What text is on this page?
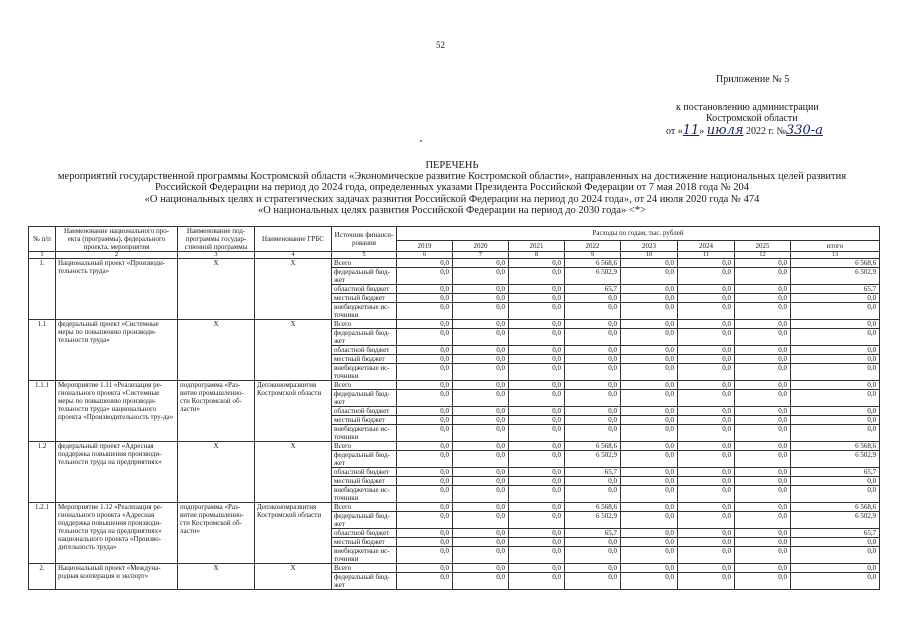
52
Приложение № 5
к постановлению администрации
Костромской области
от «11» июля 2022 г. №330-а
ПЕРЕЧЕНЬ
мероприятий государственной программы Костромской области «Экономическое развитие Костромской области», направленных на достижение национальных целей развития
Российской Федерации на период до 2024 года, определенных указами Президента Российской Федерации от 7 мая 2018 года № 204
«О национальных целях и стратегических задачах развития Российской Федерации на период до 2024 года», от 24 июля 2020 года № 474
«О национальных целях развития Российской Федерации на период до 2030 года» <*>
№ п/п	Наименование национального про-екта (программы), федерального проекта, мероприятия	Наименование под-программы государ-ственной программы	Наименование ГРБС	Источник финанси-рования	Расходы по годам, тыс. рублей							
					2019	2020	2021	2022	2023	2024	2025	итого
1	2	3	4	5	6	7	8	9	10	11	12	13
1.	Национальный проект «Производи-тельность труда»	X	X	Всего	0,0	0,0	0,0	6 568,6	0,0	0,0	0,0	6 568,6
				федеральный бюд-жет	0,0	0,0	0,0	6 502,9	0,0	0,0	0,0	6 502,9
				областной бюджет	0,0	0,0	0,0	65,7	0,0	0,0	0,0	65,7
				местный бюджет	0,0	0,0	0,0	0,0	0,0	0,0	0,0	0,0
				внебюджетные ис-точники	0,0	0,0	0,0	0,0	0,0	0,0	0,0	0,0
1.1	федеральный проект «Системные меры по повышению производи-тельности труда»	X	X	Всего	0,0	0,0	0,0	0,0	0,0	0,0	0,0	0,0
				федеральный бюд-жет	0,0	0,0	0,0	0,0	0,0	0,0	0,0	0,0
				областной бюджет	0,0	0,0	0,0	0,0	0,0	0,0	0,0	0,0
				местный бюджет	0,0	0,0	0,0	0,0	0,0	0,0	0,0	0,0
				внебюджетные ис-точники	0,0	0,0	0,0	0,0	0,0	0,0	0,0	0,0
1.1.1	Мероприятие 1.11 «Реализация ре-гионального проекта «Системные меры по повышению производи-тельности труда» национального проекта «Производительность тру-да»	подпрограмма «Раз-витие промышленно-сти Костромской об-ласти»	Депэкономразвития Костромской области	Всего	0,0	0,0	0,0	0,0	0,0	0,0	0,0	0,0
				федеральный бюд-жет	0,0	0,0	0,0	0,0	0,0	0,0	0,0	0,0
				областной бюджет	0,0	0,0	0,0	0,0	0,0	0,0	0,0	0,0
				местный бюджет	0,0	0,0	0,0	0,0	0,0	0,0	0,0	0,0
				внебюджетные ис-точники	0,0	0,0	0,0	0,0	0,0	0,0	0,0	0,0
1.2	федеральный проект «Адресная поддержка повышения производи-тельности труда на предприятиях»	X	X	Всего	0,0	0,0	0,0	6 568,6	0,0	0,0	0,0	6 568,6
				федеральный бюд-жет	0,0	0,0	0,0	6 502,9	0,0	0,0	0,0	6 502,9
				областной бюджет	0,0	0,0	0,0	65,7	0,0	0,0	0,0	65,7
				местный бюджет	0,0	0,0	0,0	0,0	0,0	0,0	0,0	0,0
				внебюджетные ис-точники	0,0	0,0	0,0	0,0	0,0	0,0	0,0	0,0
1.2.1	Мероприятие 1.12 «Реализация ре-гионального проекта «Адресная поддержка повышения производи-тельности труда на предприятиях» национального проекта «Произво-дительность труда»	подпрограмма «Раз-витие промышленно-сти Костромской об-ласти»	Депэкономразвития Костромской области	Всего	0,0	0,0	0,0	6 568,6	0,0	0,0	0,0	6 568,6
				федеральный бюд-жет	0,0	0,0	0,0	6 502,9	0,0	0,0	0,0	6 502,9
				областной бюджет	0,0	0,0	0,0	65,7	0,0	0,0	0,0	65,7
				местный бюджет	0,0	0,0	0,0	0,0	0,0	0,0	0,0	0,0
				внебюджетные ис-точники	0,0	0,0	0,0	0,0	0,0	0,0	0,0	0,0
2.	Национальный проект «Междуна-родная кооперация и экспорт»	X	X	Всего	0,0	0,0	0,0	0,0	0,0	0,0	0,0	0,0
				федеральный бюд-жет	0,0	0,0	0,0	0,0	0,0	0,0	0,0	0,0
